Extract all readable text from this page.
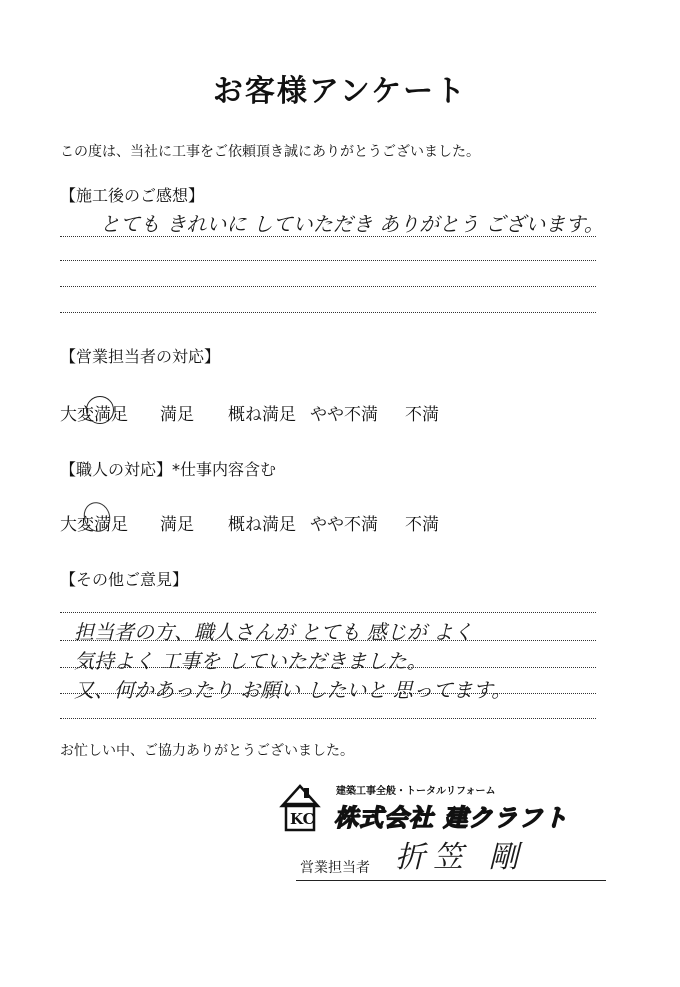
お客様アンケート
この度は、当社に工事をご依頼頂き誠にありがとうございました。
【施工後のご感想】
とても きれいに していただき ありがとう ございます。
【営業担当者の対応】
大変満足 満足 概ね満足 やや不満 不満
【職人の対応】*仕事内容含む
大変満足 満足 概ね満足 やや不満 不満
【その他ご意見】
担当者の方、職人さんが とても 感じが よく
気持よく 工事を していただきました。
又、何かあったり お願い したいと 思ってます。
お忙しい中、ご協力ありがとうございました。
KC
建築工事全般・トータルリフォーム
株式会社 建クラフト
営業担当者 折笠 剛
